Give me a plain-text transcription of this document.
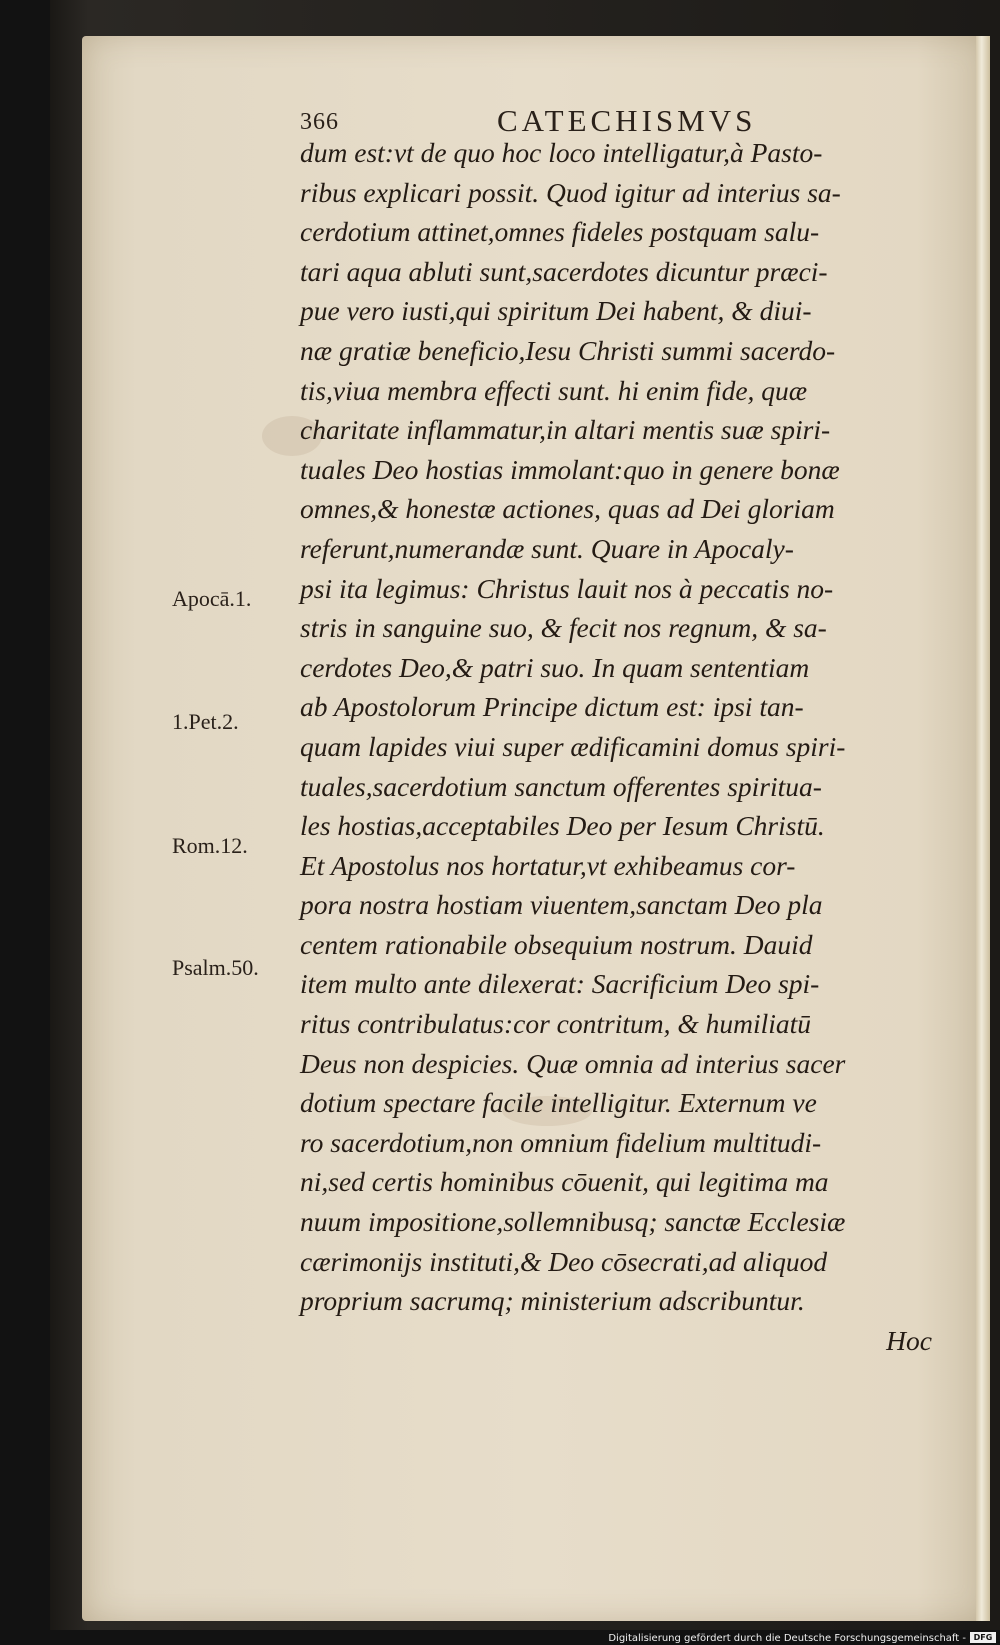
366	CATECHISMVS
dum est:vt de quo hoc loco intelligatur,à Pasto-
ribus explicari possit. Quod igitur ad interius sa-
cerdotium attinet,omnes fideles postquam salu-
tari aqua abluti sunt,sacerdotes dicuntur præci-
pue vero iusti,qui spiritum Dei habent, & diui-
næ gratiæ beneficio,Iesu Christi summi sacerdo-
tis,viua membra effecti sunt. hi enim fide, quæ
charitate inflammatur,in altari mentis suæ spiri-
tuales Deo hostias immolant:quo in genere bonæ
omnes,& honestæ actiones, quas ad Dei gloriam
referunt,numerandæ sunt. Quare in Apocaly-
psi ita legimus: Christus lauit nos à peccatis no-
stris in sanguine suo, & fecit nos regnum, & sa-
cerdotes Deo,& patri suo. In quam sententiam
ab Apostolorum Principe dictum est: ipsi tan-
quam lapides viui super ædificamini domus spiri-
tuales,sacerdotium sanctum offerentes spiritua-
les hostias,acceptabiles Deo per Iesum Christū.
Et Apostolus nos hortatur,vt exhibeamus cor-
pora nostra hostiam viuentem,sanctam Deo pla
centem rationabile obsequium nostrum. Dauid
item multo ante dilexerat: Sacrificium Deo spi-
ritus contribulatus:cor contritum, & humiliatū
Deus non despicies. Quæ omnia ad interius sacer
dotium spectare facile intelligitur. Externum ve
ro sacerdotium,non omnium fidelium multitudi-
ni,sed certis hominibus cōuenit, qui legitima ma
nuum impositione,sollemnibusq; sanctæ Ecclesiæ
cærimonijs instituti,& Deo cōsecrati,ad aliquod
proprium sacrumq; ministerium adscribuntur.
Hoc
Apocā.1.
1.Pet.2.
Rom.12.
Psalm.50.
Digitalisierung gefördert durch die Deutsche Forschungsgemeinschaft - DFG
